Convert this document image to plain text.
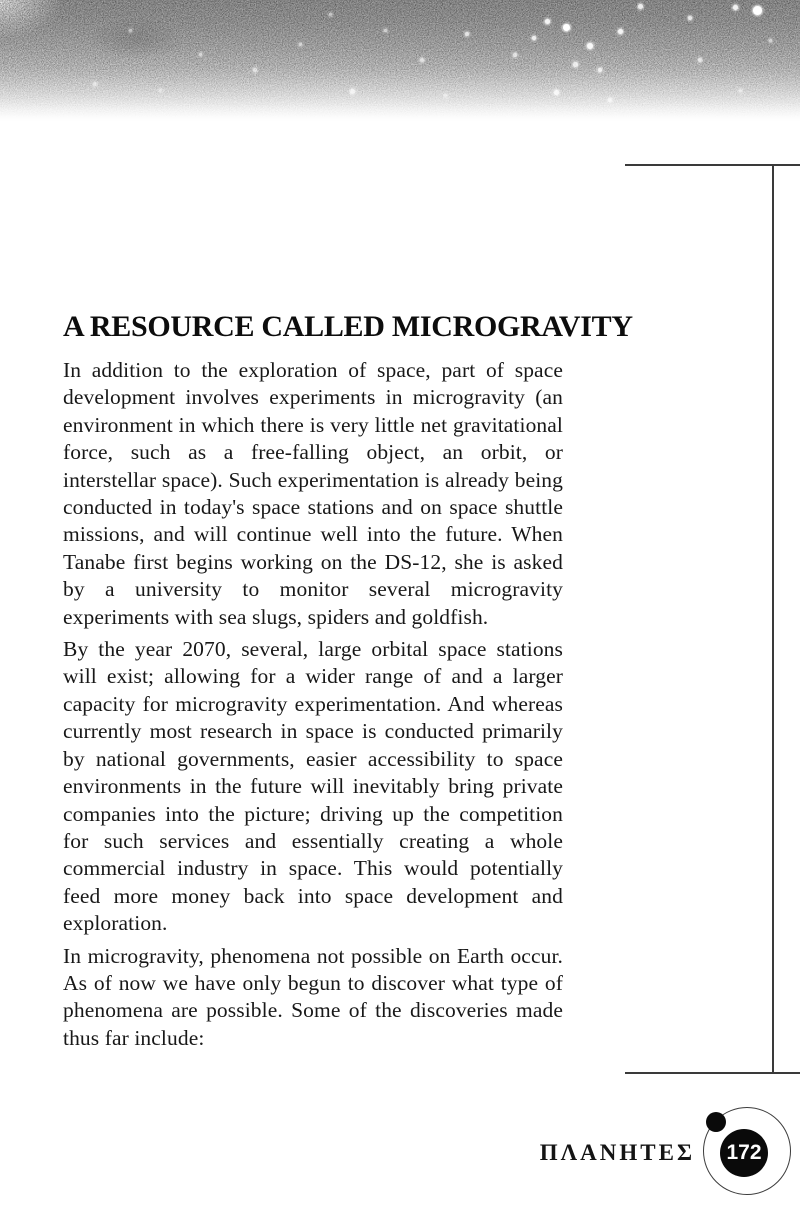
A RESOURCE CALLED MICROGRAVITY

In addition to the exploration of space, part of space development involves experiments in microgravity (an environment in which there is very little net gravitational force, such as a free-falling object, an orbit, or interstellar space). Such experimentation is already being conducted in today's space stations and on space shuttle missions, and will continue well into the future. When Tanabe first begins working on the DS-12, she is asked by a university to monitor several microgravity experiments with sea slugs, spiders and goldfish.

By the year 2070, several, large orbital space stations will exist; allowing for a wider range of and a larger capacity for microgravity experimentation. And whereas currently most research in space is conducted primarily by national governments, easier accessibility to space environments in the future will inevitably bring private companies into the picture; driving up the competition for such services and essentially creating a whole commercial industry in space. This would potentially feed more money back into space development and exploration.

In microgravity, phenomena not possible on Earth occur. As of now we have only begun to discover what type of phenomena are possible. Some of the discoveries made thus far include:

ΠΛΑΝΗΤΕΣ 172
